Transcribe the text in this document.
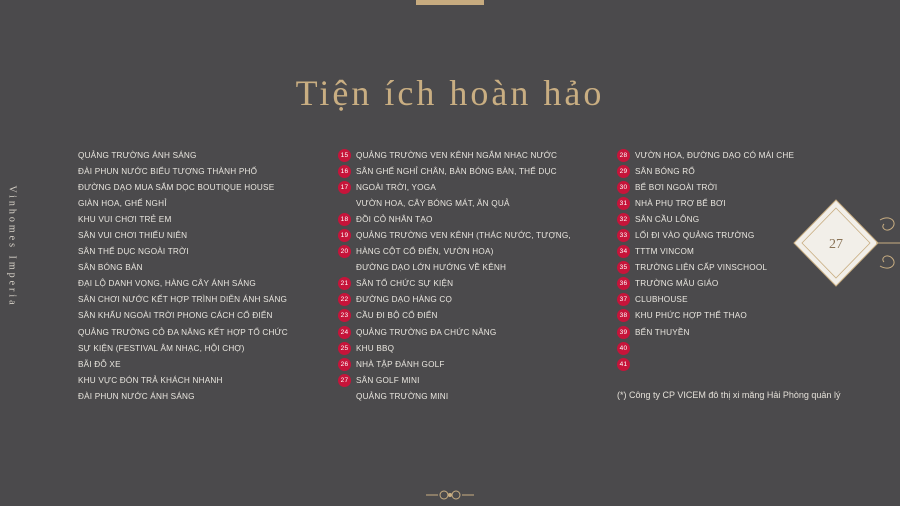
Vinhomes Imperia
Tiện ích hoàn hảo
QUẢNG TRƯỜNG ÁNH SÁNG
ĐÀI PHUN NƯỚC BIỂU TƯỢNG THÀNH PHỐ
ĐƯỜNG DẠO MUA SẮM DỌC BOUTIQUE HOUSE
GIÀN HOA, GHẾ NGHỈ
KHU VUI CHƠI TRẺ EM
SÂN VUI CHƠI THIẾU NIÊN
SÂN THỂ DỤC NGOÀI TRỜI
SÂN BÓNG BÀN
ĐẠI LỘ DANH VỌNG, HÀNG CÂY ÁNH SÁNG
SÂN CHƠI NƯỚC KẾT HỢP TRÌNH DIỄN ÁNH SÁNG
SÂN KHẤU NGOÀI TRỜI PHONG CÁCH CỔ ĐIỂN
QUẢNG TRƯỜNG CỎ ĐA NĂNG KẾT HỢP TỔ CHỨC
SỰ KIỆN (FESTIVAL ÂM NHẠC, HỘI CHỢ)
BÃI ĐỖ XE
KHU VỰC ĐÓN TRẢ KHÁCH NHANH
ĐÀI PHUN NƯỚC ÁNH SÁNG
15 QUẢNG TRƯỜNG VEN KÊNH NGẮM NHẠC NƯỚC
16 SÂN GHẾ NGHỈ CHÂN, BÀN BÓNG BÀN, THỂ DỤC
17 NGOÀI TRỜI, YOGA
VƯỜN HOA, CÂY BÓNG MÁT, ĂN QUẢ
18 ĐỒI CỎ NHÂN TẠO
19 QUẢNG TRƯỜNG VEN KÊNH (THÁC NƯỚC, TƯỢNG,
20 HÀNG CỘT CỔ ĐIỂN, VƯỜN HOA)
ĐƯỜNG DẠO LỚN HƯỚNG VỀ KÊNH
21 SÂN TỔ CHỨC SỰ KIỆN
22 ĐƯỜNG DẠO HÀNG CỌ
23 CẦU ĐI BỘ CỔ ĐIỂN
24 QUẢNG TRƯỜNG ĐA CHỨC NĂNG
25 KHU BBQ
26 NHÀ TẬP ĐÁNH GOLF
27 SÂN GOLF MINI
QUẢNG TRƯỜNG MINI
28 VƯỜN HOA, ĐƯỜNG DẠO CÓ MÁI CHE
29 SÂN BÓNG RỔ
30 BỂ BƠI NGOÀI TRỜI
31 NHÀ PHỤ TRỢ BỂ BƠI
32 SÂN CẦU LÔNG
33 LỐI ĐI VÀO QUẢNG TRƯỜNG
34 TTTM VINCOM
35 TRƯỜNG LIÊN CẤP VINSCHOOL
36 TRƯỜNG MẪU GIÁO
37 CLUBHOUSE
38 KHU PHỨC HỢP THỂ THAO
39 BẾN THUYỀN
40
41
(*) Công ty CP VICEM đô thị xi măng Hải Phòng quản lý
27
